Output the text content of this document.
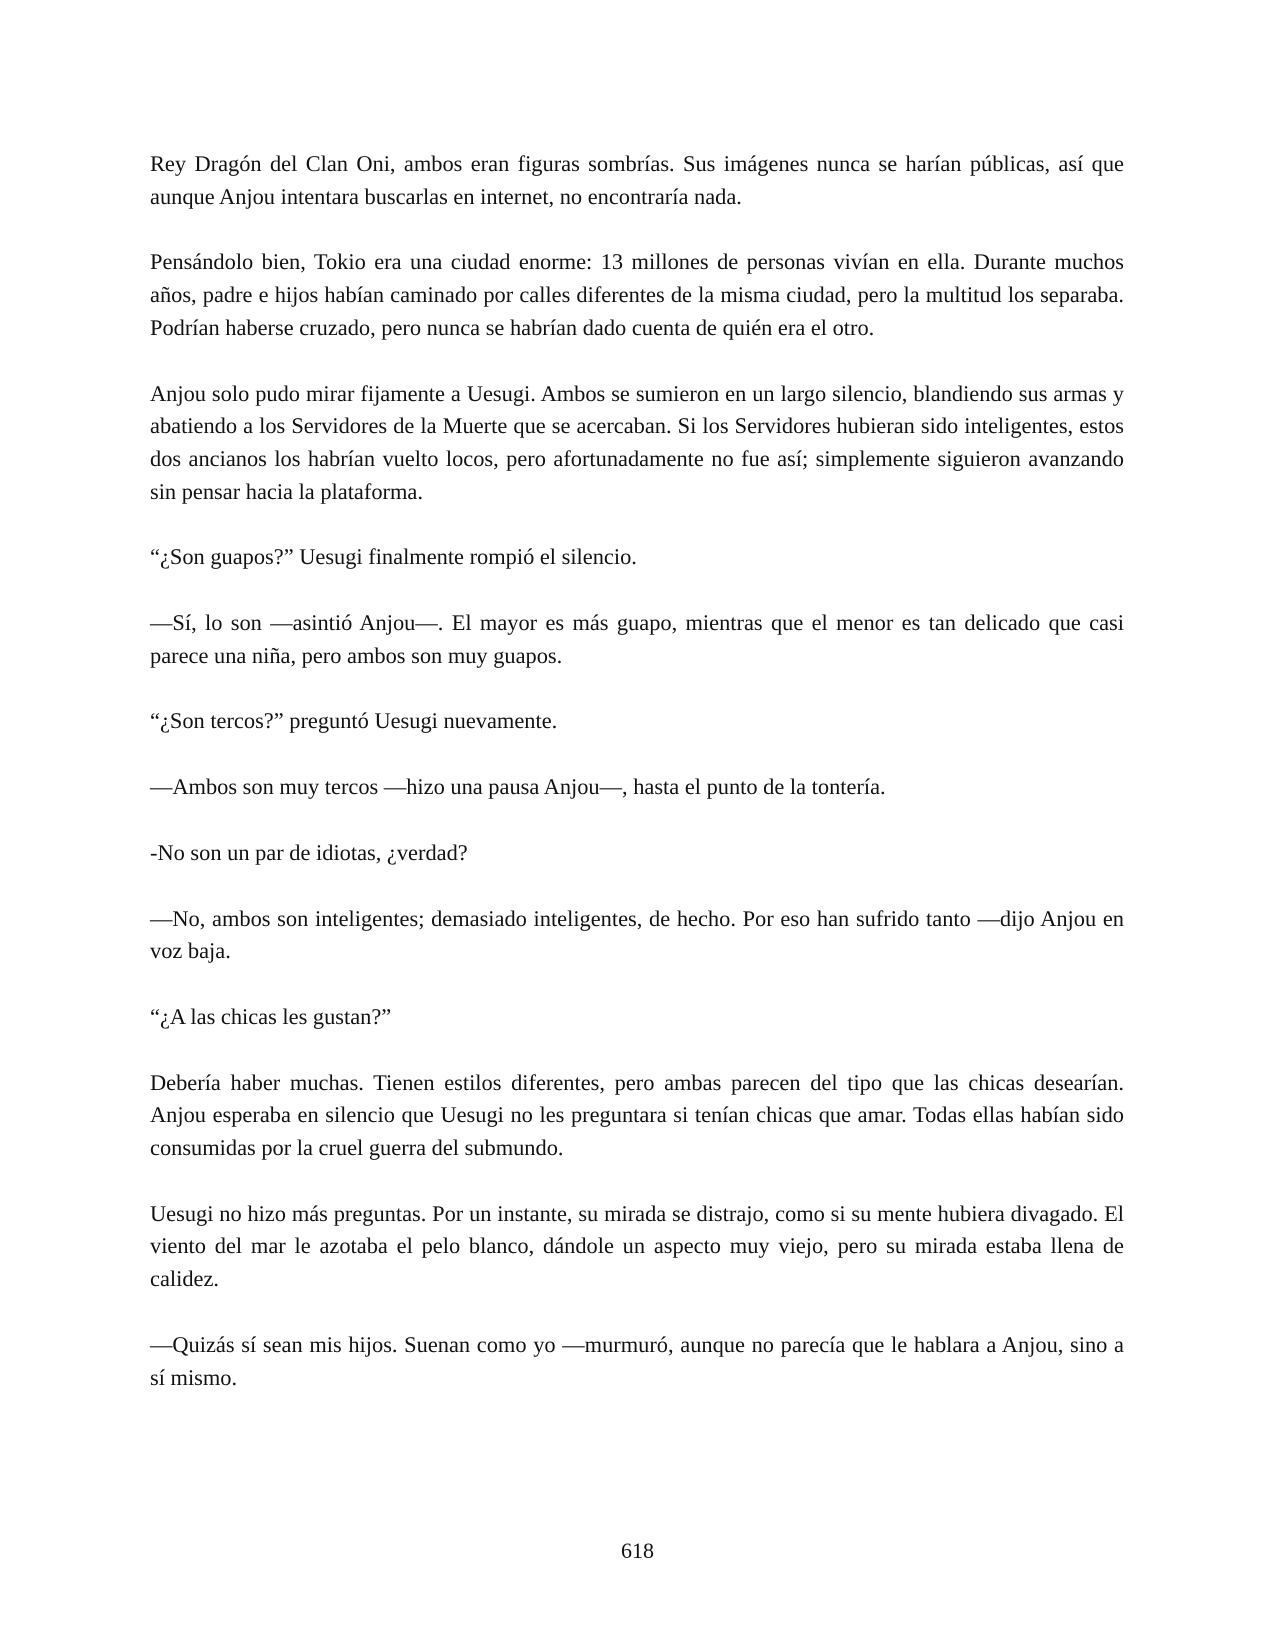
Rey Dragón del Clan Oni, ambos eran figuras sombrías. Sus imágenes nunca se harían públicas, así que aunque Anjou intentara buscarlas en internet, no encontraría nada.

Pensándolo bien, Tokio era una ciudad enorme: 13 millones de personas vivían en ella. Durante muchos años, padre e hijos habían caminado por calles diferentes de la misma ciudad, pero la multitud los separaba. Podrían haberse cruzado, pero nunca se habrían dado cuenta de quién era el otro.

Anjou solo pudo mirar fijamente a Uesugi. Ambos se sumieron en un largo silencio, blandiendo sus armas y abatiendo a los Servidores de la Muerte que se acercaban. Si los Servidores hubieran sido inteligentes, estos dos ancianos los habrían vuelto locos, pero afortunadamente no fue así; simplemente siguieron avanzando sin pensar hacia la plataforma.

“¿Son guapos?” Uesugi finalmente rompió el silencio.

—Sí, lo son —asintió Anjou—. El mayor es más guapo, mientras que el menor es tan delicado que casi parece una niña, pero ambos son muy guapos.

“¿Son tercos?” preguntó Uesugi nuevamente.

—Ambos son muy tercos —hizo una pausa Anjou—, hasta el punto de la tontería.

-No son un par de idiotas, ¿verdad?

—No, ambos son inteligentes; demasiado inteligentes, de hecho. Por eso han sufrido tanto —dijo Anjou en voz baja.

“¿A las chicas les gustan?”

Debería haber muchas. Tienen estilos diferentes, pero ambas parecen del tipo que las chicas desearían. Anjou esperaba en silencio que Uesugi no les preguntara si tenían chicas que amar. Todas ellas habían sido consumidas por la cruel guerra del submundo.

Uesugi no hizo más preguntas. Por un instante, su mirada se distrajo, como si su mente hubiera divagado. El viento del mar le azotaba el pelo blanco, dándole un aspecto muy viejo, pero su mirada estaba llena de calidez.

—Quizás sí sean mis hijos. Suenan como yo —murmuró, aunque no parecía que le hablara a Anjou, sino a sí mismo.

618
